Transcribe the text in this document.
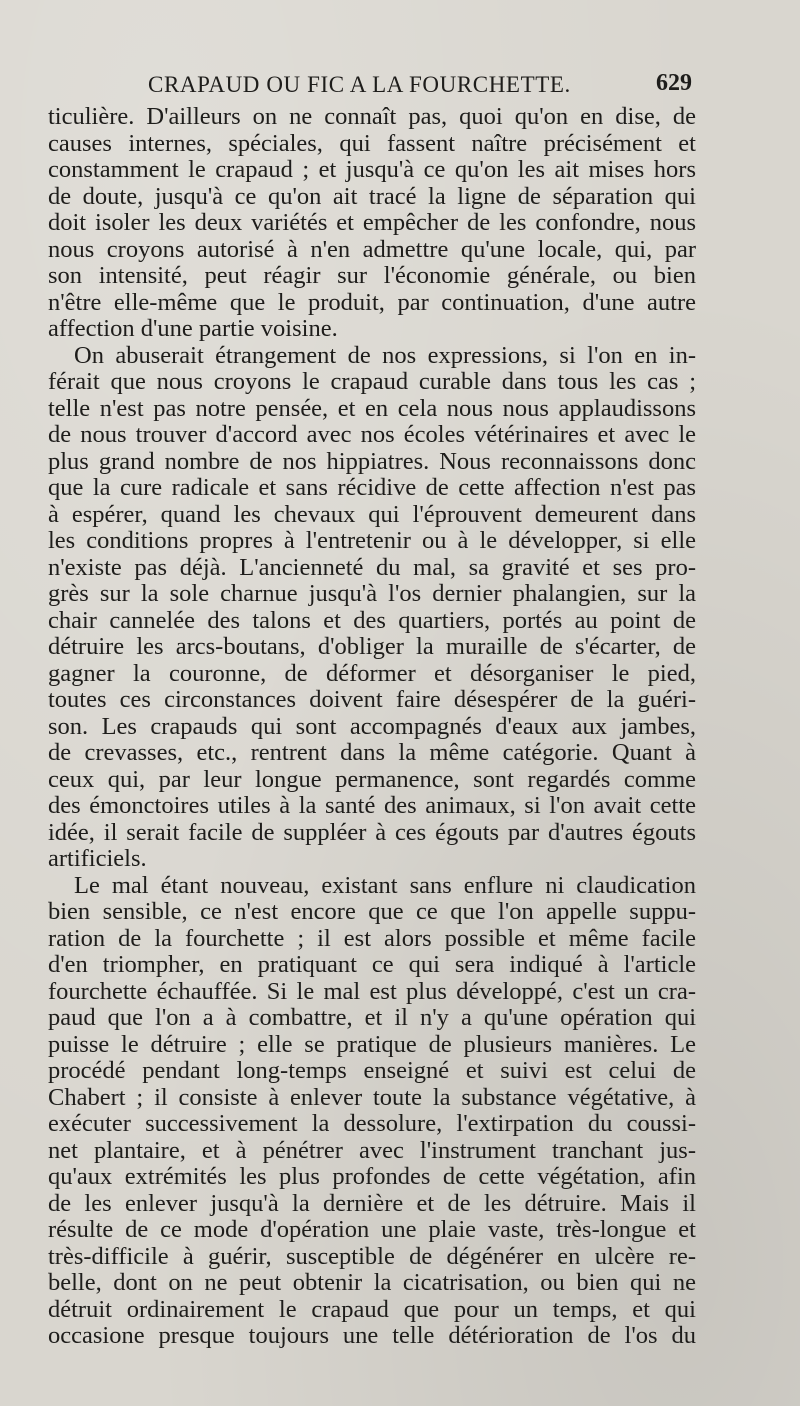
CRAPAUD OU FIC A LA FOURCHETTE.	629
ticulière. D'ailleurs on ne connaît pas, quoi qu'on en dise, de
causes internes, spéciales, qui fassent naître précisément et
constamment le crapaud ; et jusqu'à ce qu'on les ait mises hors
de doute, jusqu'à ce qu'on ait tracé la ligne de séparation qui
doit isoler les deux variétés et empêcher de les confondre, nous
nous croyons autorisé à n'en admettre qu'une locale, qui, par
son intensité, peut réagir sur l'économie générale, ou bien
n'être elle-même que le produit, par continuation, d'une autre
affection d'une partie voisine.
On abuserait étrangement de nos expressions, si l'on en in-
férait que nous croyons le crapaud curable dans tous les cas ;
telle n'est pas notre pensée, et en cela nous nous applaudissons
de nous trouver d'accord avec nos écoles vétérinaires et avec le
plus grand nombre de nos hippiatres. Nous reconnaissons donc
que la cure radicale et sans récidive de cette affection n'est pas
à espérer, quand les chevaux qui l'éprouvent demeurent dans
les conditions propres à l'entretenir ou à le développer, si elle
n'existe pas déjà. L'ancienneté du mal, sa gravité et ses pro-
grès sur la sole charnue jusqu'à l'os dernier phalangien, sur la
chair cannelée des talons et des quartiers, portés au point de
détruire les arcs-boutans, d'obliger la muraille de s'écarter, de
gagner la couronne, de déformer et désorganiser le pied,
toutes ces circonstances doivent faire désespérer de la guéri-
son. Les crapauds qui sont accompagnés d'eaux aux jambes,
de crevasses, etc., rentrent dans la même catégorie. Quant à
ceux qui, par leur longue permanence, sont regardés comme
des émonctoires utiles à la santé des animaux, si l'on avait cette
idée, il serait facile de suppléer à ces égouts par d'autres égouts
artificiels.
Le mal étant nouveau, existant sans enflure ni claudication
bien sensible, ce n'est encore que ce que l'on appelle suppu-
ration de la fourchette ; il est alors possible et même facile
d'en triompher, en pratiquant ce qui sera indiqué à l'article
fourchette échauffée. Si le mal est plus développé, c'est un cra-
paud que l'on a à combattre, et il n'y a qu'une opération qui
puisse le détruire ; elle se pratique de plusieurs manières. Le
procédé pendant long-temps enseigné et suivi est celui de
Chabert ; il consiste à enlever toute la substance végétative, à
exécuter successivement la dessolure, l'extirpation du coussi-
net plantaire, et à pénétrer avec l'instrument tranchant jus-
qu'aux extrémités les plus profondes de cette végétation, afin
de les enlever jusqu'à la dernière et de les détruire. Mais il
résulte de ce mode d'opération une plaie vaste, très-longue et
très-difficile à guérir, susceptible de dégénérer en ulcère re-
belle, dont on ne peut obtenir la cicatrisation, ou bien qui ne
détruit ordinairement le crapaud que pour un temps, et qui
occasione presque toujours une telle détérioration de l'os du
